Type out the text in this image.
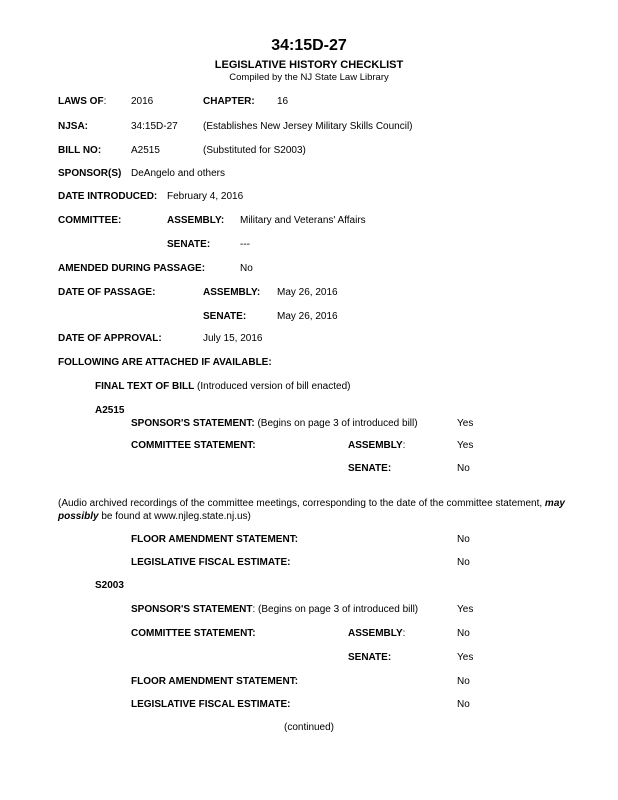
34:15D-27
LEGISLATIVE HISTORY CHECKLIST
Compiled by the NJ State Law Library
LAWS OF: 2016	CHAPTER: 16
NJSA:	34:15D-27	(Establishes New Jersey Military Skills Council)
BILL NO:	A2515	(Substituted for S2003)
SPONSOR(S) DeAngelo and others
DATE INTRODUCED: February 4, 2016
COMMITTEE:	ASSEMBLY: Military and Veterans' Affairs
SENATE:	---
AMENDED DURING PASSAGE:	No
DATE OF PASSAGE:	ASSEMBLY: May 26, 2016
SENATE:	May 26, 2016
DATE OF APPROVAL:	July 15, 2016
FOLLOWING ARE ATTACHED IF AVAILABLE:
FINAL TEXT OF BILL (Introduced version of bill enacted)
A2515
SPONSOR'S STATEMENT: (Begins on page 3 of introduced bill)	Yes
COMMITTEE STATEMENT:	ASSEMBLY:	Yes
SENATE:	No
(Audio archived recordings of the committee meetings, corresponding to the date of the committee statement, may possibly be found at www.njleg.state.nj.us)
FLOOR AMENDMENT STATEMENT:	No
LEGISLATIVE FISCAL ESTIMATE:	No
S2003
SPONSOR'S STATEMENT: (Begins on page 3 of introduced bill)	Yes
COMMITTEE STATEMENT:	ASSEMBLY:	No
SENATE:	Yes
FLOOR AMENDMENT STATEMENT:	No
LEGISLATIVE FISCAL ESTIMATE:	No
(continued)
